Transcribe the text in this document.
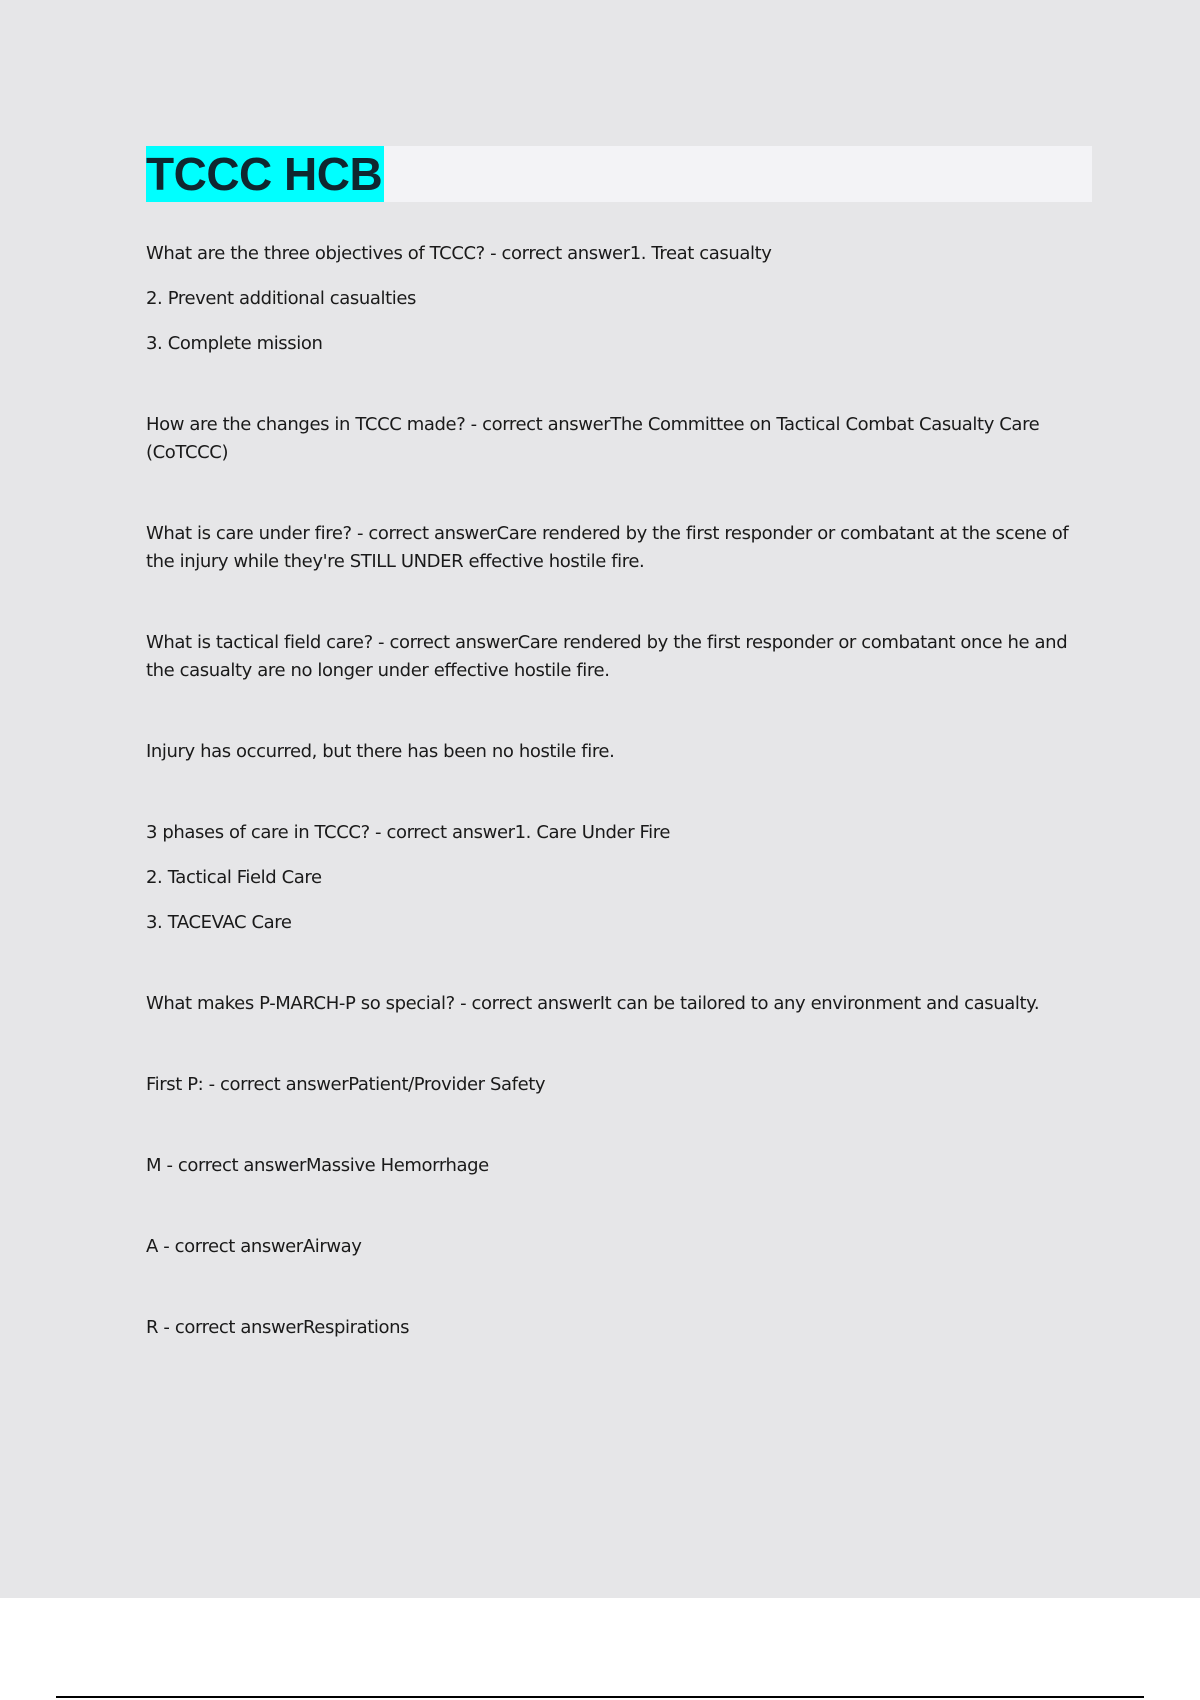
TCCC HCB

What are the three objectives of TCCC? - correct answer1. Treat casualty

2. Prevent additional casualties

3. Complete mission

How are the changes in TCCC made? - correct answerThe Committee on Tactical Combat Casualty Care (CoTCCC)

What is care under fire? - correct answerCare rendered by the first responder or combatant at the scene of the injury while they're STILL UNDER effective hostile fire.

What is tactical field care? - correct answerCare rendered by the first responder or combatant once he and the casualty are no longer under effective hostile fire.

Injury has occurred, but there has been no hostile fire.

3 phases of care in TCCC? - correct answer1. Care Under Fire

2. Tactical Field Care

3. TACEVAC Care

What makes P-MARCH-P so special? - correct answerIt can be tailored to any environment and casualty.

First P: - correct answerPatient/Provider Safety

M - correct answerMassive Hemorrhage

A - correct answerAirway

R - correct answerRespirations
